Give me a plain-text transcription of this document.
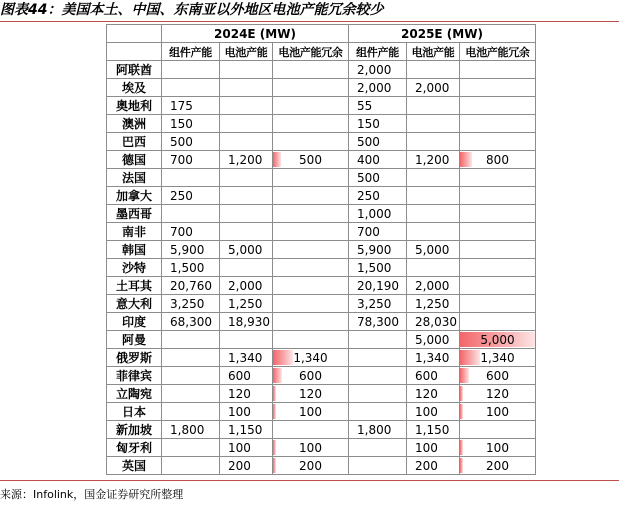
图表44：美国本土、中国、东南亚以外地区电池产能冗余较少
	2024E (MW)			2025E (MW)		
	组件产能	电池产能	电池产能冗余	组件产能	电池产能	电池产能冗余
阿联酋				2,000		
埃及				2,000	2,000	
奥地利	175			55		
澳洲	150			150		
巴西	500			500		
德国	700	1,200	500	400	1,200	800
法国				500		
加拿大	250			250		
墨西哥				1,000		
南非	700			700		
韩国	5,900	5,000		5,900	5,000	
沙特	1,500			1,500		
土耳其	20,760	2,000		20,190	2,000	
意大利	3,250	1,250		3,250	1,250	
印度	68,300	18,930		78,300	28,030	
阿曼					5,000	5,000
俄罗斯		1,340	1,340		1,340	1,340
菲律宾		600	600		600	600
立陶宛		120	120		120	120
日本		100	100		100	100
新加坡	1,800	1,150		1,800	1,150	
匈牙利		100	100		100	100
英国		200	200		200	200
来源：Infolink，国金证券研究所整理
